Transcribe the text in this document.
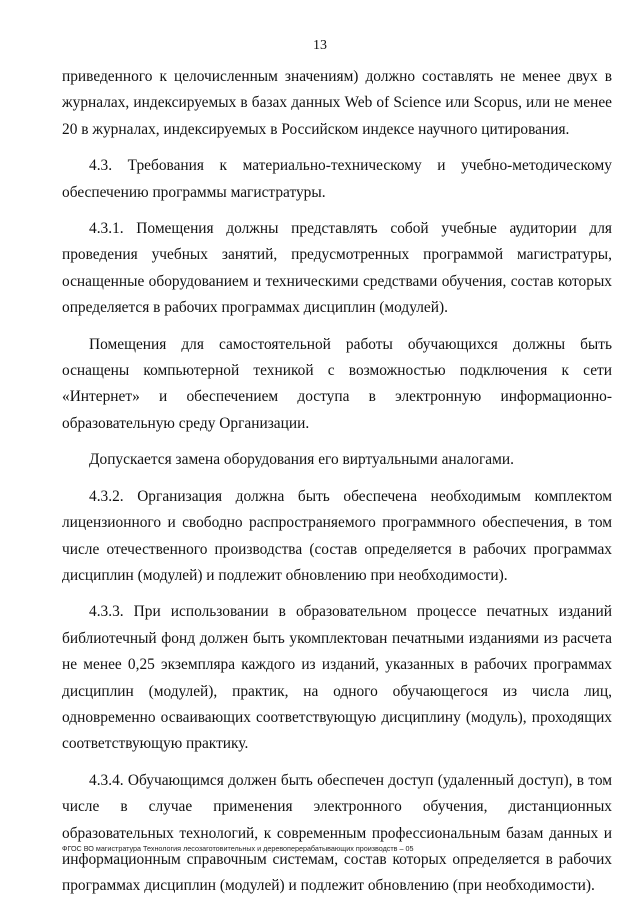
13

приведенного к целочисленным значениям) должно составлять не менее двух в журналах, индексируемых в базах данных Web of Science или Scopus, или не менее 20 в журналах, индексируемых в Российском индексе научного цитирования.

4.3. Требования к материально-техническому и учебно-методическому обеспечению программы магистратуры.

4.3.1. Помещения должны представлять собой учебные аудитории для проведения учебных занятий, предусмотренных программой магистратуры, оснащенные оборудованием и техническими средствами обучения, состав которых определяется в рабочих программах дисциплин (модулей).

Помещения для самостоятельной работы обучающихся должны быть оснащены компьютерной техникой с возможностью подключения к сети «Интернет» и обеспечением доступа в электронную информационно-образовательную среду Организации.

Допускается замена оборудования его виртуальными аналогами.

4.3.2. Организация должна быть обеспечена необходимым комплектом лицензионного и свободно распространяемого программного обеспечения, в том числе отечественного производства (состав определяется в рабочих программах дисциплин (модулей) и подлежит обновлению при необходимости).

4.3.3. При использовании в образовательном процессе печатных изданий библиотечный фонд должен быть укомплектован печатными изданиями из расчета не менее 0,25 экземпляра каждого из изданий, указанных в рабочих программах дисциплин (модулей), практик, на одного обучающегося из числа лиц, одновременно осваивающих соответствующую дисциплину (модуль), проходящих соответствующую практику.

4.3.4. Обучающимся должен быть обеспечен доступ (удаленный доступ), в том числе в случае применения электронного обучения, дистанционных образовательных технологий, к современным профессиональным базам данных и информационным справочным системам, состав которых определяется в рабочих программах дисциплин (модулей) и подлежит обновлению (при необходимости).

ФГОС ВО магистратура Технология лесозаготовительных и деревоперерабатывающих производств – 05
